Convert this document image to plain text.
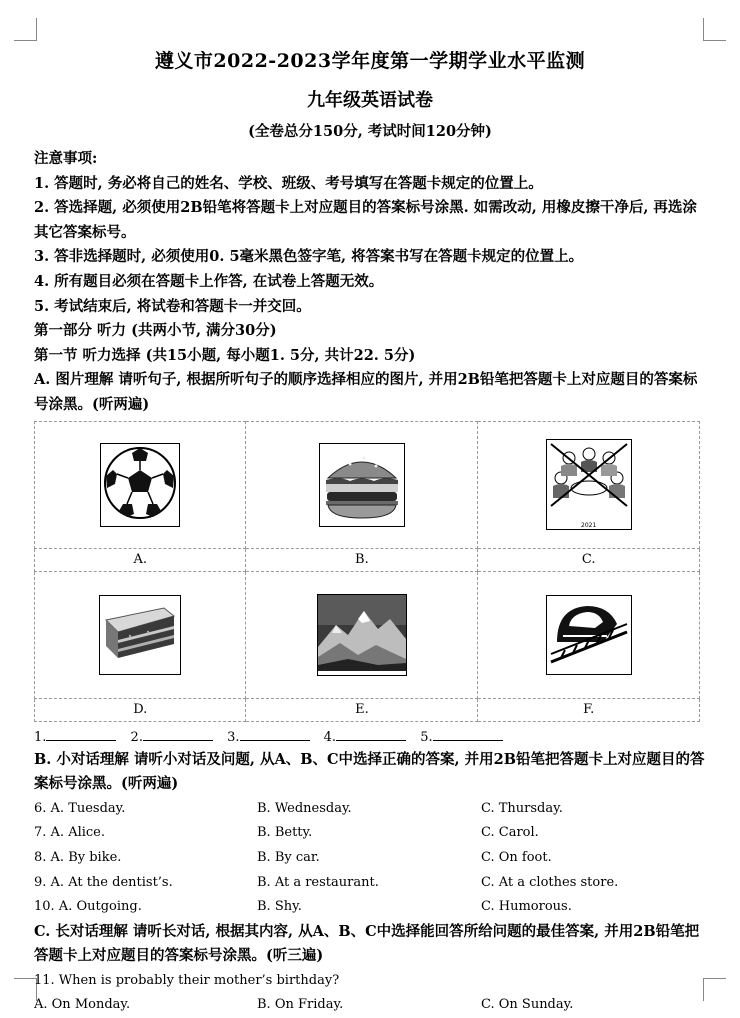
遵义市2022-2023学年度第一学期学业水平监测
九年级英语试卷
(全卷总分150分, 考试时间120分钟)
注意事项:
1. 答题时, 务必将自己的姓名、学校、班级、考号填写在答题卡规定的位置上。
2. 答选择题, 必须使用2B铅笔将答题卡上对应题目的答案标号涂黑. 如需改动, 用橡皮擦干净后, 再选涂其它答案标号。
3. 答非选择题时, 必须使用0. 5毫米黑色签字笔, 将答案书写在答题卡规定的位置上。
4. 所有题目必须在答题卡上作答, 在试卷上答题无效。
5. 考试结束后, 将试卷和答题卡一并交回。
第一部分 听力 (共两小节, 满分30分)
第一节 听力选择 (共15小题, 每小题1. 5分, 共计22. 5分)
A. 图片理解 请听句子, 根据所听句子的顺序选择相应的图片, 并用2B铅笔把答题卡上对应题目的答案标号涂黑。(听两遍)

2021

A.	B.	C.

D.	E.	F.
1.	2.	3.	4.	5.
B. 小对话理解 请听小对话及问题, 从A、B、C中选择正确的答案, 并用2B铅笔把答题卡上对应题目的答案标号涂黑。(听两遍)
6. A. Tuesday.	B. Wednesday.	C. Thursday.
7. A. Alice.	B. Betty.	C. Carol.
8. A. By bike.	B. By car.	C. On foot.
9. A. At the dentist’s.	B. At a restaurant.	C. At a clothes store.
10. A. Outgoing.	B. Shy.	C. Humorous.
C. 长对话理解 请听长对话, 根据其内容, 从A、B、C中选择能回答所给问题的最佳答案, 并用2B铅笔把答题卡上对应题目的答案标号涂黑。(听三遍)
11. When is probably their mother’s birthday?
A. On Monday.	B. On Friday.	C. On Sunday.
